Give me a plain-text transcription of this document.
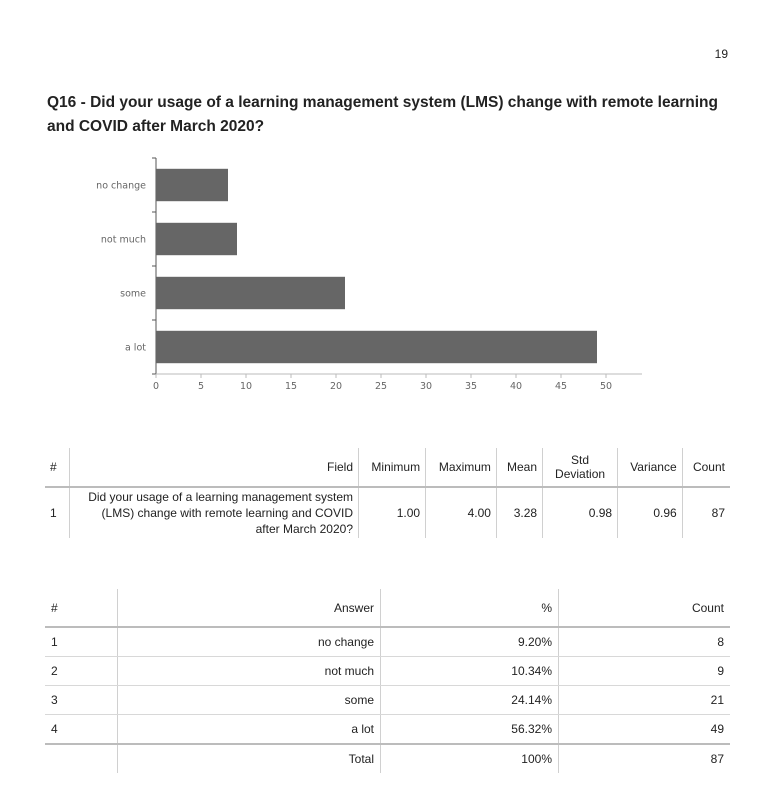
19
Q16 - Did your usage of a learning management system (LMS) change with remote learning and COVID after March 2020?
no change
not much
some
a lot
0	5	10	15	20	25	30	35	40	45	50
#	Field	Minimum	Maximum	Mean	Std Deviation	Variance	Count
1	Did your usage of a learning management system (LMS) change with remote learning and COVID after March 2020?	1.00	4.00	3.28	0.98	0.96	87
#	Answer	%	Count
1	no change	9.20%	8
2	not much	10.34%	9
3	some	24.14%	21
4	a lot	56.32%	49
	Total	100%	87
